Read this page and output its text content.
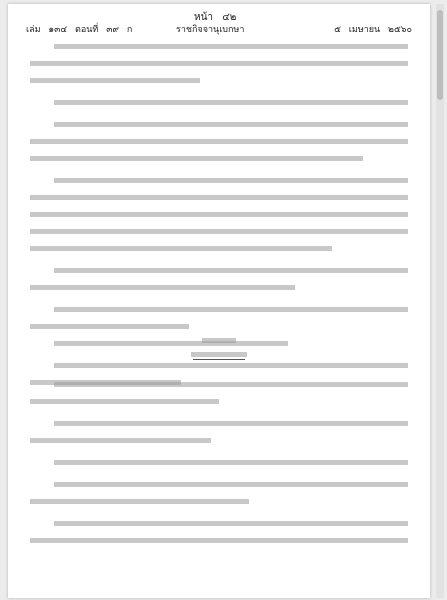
หน้า ๔๒
เล่ม ๑๓๔ ตอนที่ ๓๙ ก	ราชกิจจานุเบกษา	๕ เมษายน ๒๕๖๐
